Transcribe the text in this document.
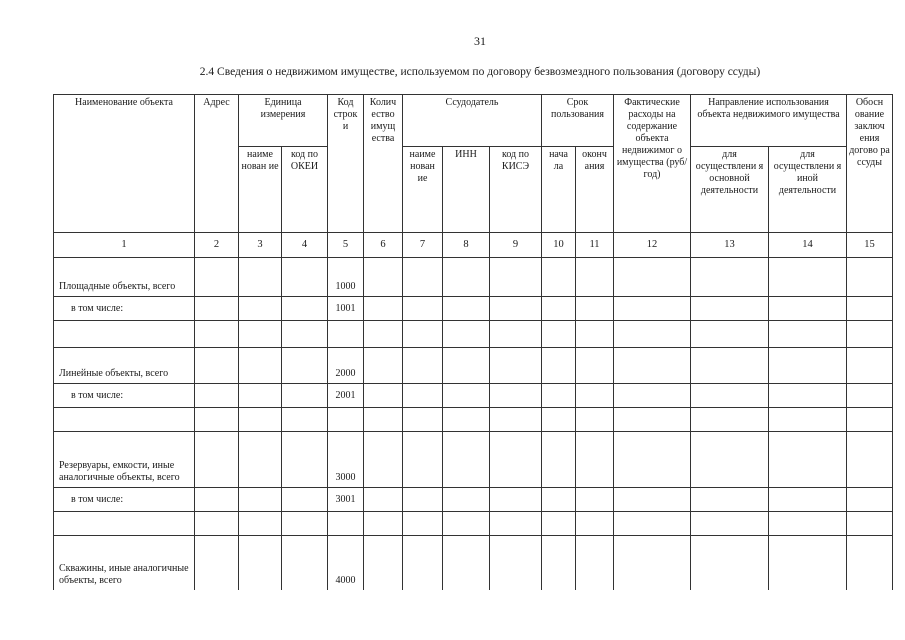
31
2.4 Сведения о недвижимом имуществе, используемом по договору безвозмездного пользования (договору ссуды)
Наименование объекта	Адрес	Единица измерения		Код строк и	Колич ество имущ ества	Ссудодатель			Срок пользования		Фактические расходы на содержание объекта недвижимог о имущества (руб/год)	Направление использования объекта недвижимого имущества		Обосн ование заключ ения догово ра ссуды
		наиме нован ие	код по ОКЕИ			наиме нован ие	ИНН	код по КИСЭ	нача ла	оконч ания		для осуществлени я основной деятельности	для осуществлени я иной деятельности	
1	2	3	4	5	6	7	8	9	10	11	12	13	14	15
Площадные объекты, всего				1000										
в том числе:				1001										

Линейные объекты, всего				2000										
в том числе:				2001										

Резервуары, емкости, иные аналогичные объекты, всего				3000										
в том числе:				3001										

Скважины, иные аналогичные объекты, всего				4000										
